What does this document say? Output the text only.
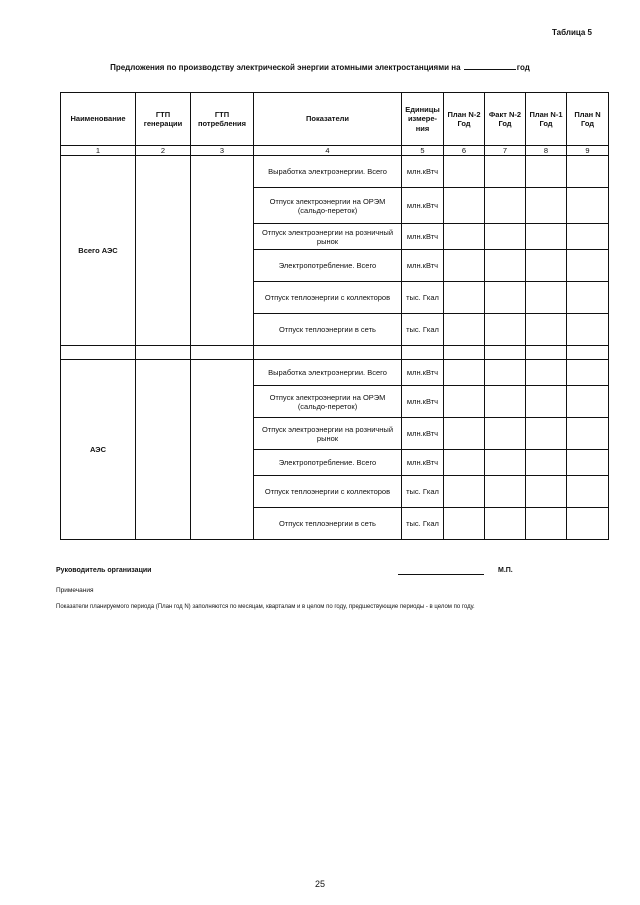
Таблица 5
Предложения по производству электрической энергии атомными электростанциями на	год
Наименование	ГТП генерации	ГТП потребления	Показатели	Единицы измере-ния	План N-2 Год	Факт N-2 Год	План N-1 Год	План N Год
1	2	3	4	5	6	7	8	9
Всего АЭС			Выработка электроэнергии. Всего	млн.кВтч				
			Отпуск электроэнергии на ОРЭМ (сальдо-переток)	млн.кВтч				
			Отпуск электроэнергии на розничный рынок	млн.кВтч				
			Электропотребление. Всего	млн.кВтч				
			Отпуск теплоэнергии с коллекторов	тыс. Гкал				
			Отпуск теплоэнергии в сеть	тыс. Гкал				

АЭС			Выработка электроэнергии. Всего	млн.кВтч				
			Отпуск электроэнергии на ОРЭМ (сальдо-переток)	млн.кВтч				
			Отпуск электроэнергии на розничный рынок	млн.кВтч				
			Электропотребление. Всего	млн.кВтч				
			Отпуск теплоэнергии с коллекторов	тыс. Гкал				
			Отпуск теплоэнергии в сеть	тыс. Гкал				
Руководитель организации	М.П.
Примечания
Показатели планируемого периода (План год N) заполняются по месяцам, кварталам и в целом по году, предшествующие периоды - в целом по году.
25
